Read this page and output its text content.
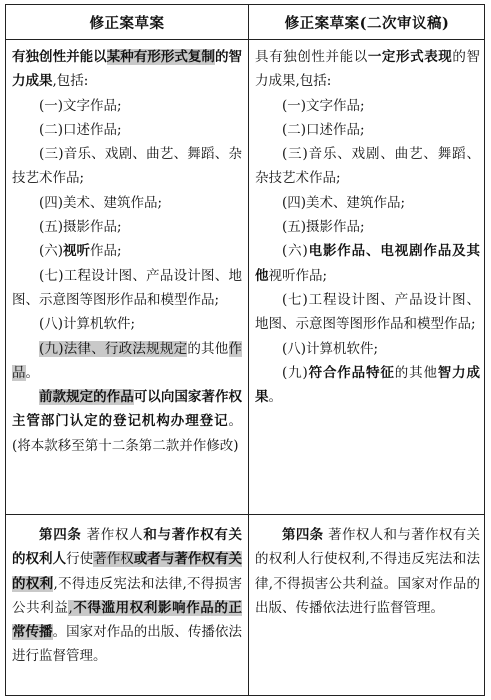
修正案草案	修正案草案(二次审议稿)

有独创性并能以某种有形形式复制的智力成果,包括:

(一)文字作品;

(二)口述作品;

(三)音乐、戏剧、曲艺、舞蹈、杂技艺术作品;

(四)美术、建筑作品;

(五)摄影作品;

(六)视听作品;

(七)工程设计图、产品设计图、地图、示意图等图形作品和模型作品;

(八)计算机软件;

(九)法律、行政法规规定的其他作品。

前款规定的作品可以向国家著作权主管部门认定的登记机构办理登记。(将本款移至第十二条第二款并作修改)

具有独创性并能以一定形式表现的智力成果,包括:

(一)文字作品;

(二)口述作品;

(三)音乐、戏剧、曲艺、舞蹈、杂技艺术作品;

(四)美术、建筑作品;

(五)摄影作品;

(六)电影作品、电视剧作品及其他视听作品;

(七)工程设计图、产品设计图、地图、示意图等图形作品和模型作品;

(八)计算机软件;

(九)符合作品特征的其他智力成果。

第四条 著作权人和与著作权有关的权利人行使著作权或者与著作权有关的权利,不得违反宪法和法律,不得损害公共利益,不得滥用权利影响作品的正常传播。国家对作品的出版、传播依法进行监督管理。

第四条 著作权人和与著作权有关的权利人行使权利,不得违反宪法和法律,不得损害公共利益。国家对作品的出版、传播依法进行监督管理。
